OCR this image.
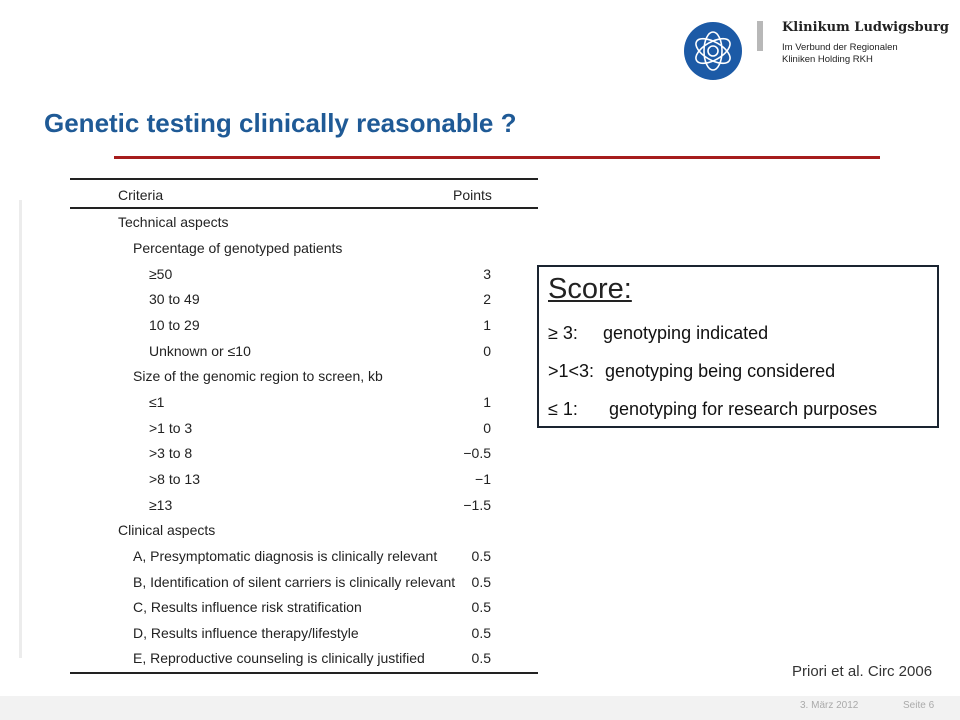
Klinikum Ludwigsburg
Im Verbund der Regionalen
Kliniken Holding RKH
Genetic testing clinically reasonable ?
Criteria	Points
Technical aspects
Percentage of genotyped patients
≥50	3
30 to 49	2
10 to 29	1
Unknown or ≤10	0
Size of the genomic region to screen, kb
≤1	1
>1 to 3	0
>3 to 8	−0.5
>8 to 13	−1
≥13	−1.5
Clinical aspects
A, Presymptomatic diagnosis is clinically relevant 0.5
B, Identification of silent carriers is clinically relevant 0.5
C, Results influence risk stratification	0.5
D, Results influence therapy/lifestyle	0.5
E, Reproductive counseling is clinically justified	0.5
Score:
≥ 3: genotyping indicated
>1<3: genotyping being considered
≤ 1: genotyping for research purposes
Priori et al. Circ 2006
3. März 2012	Seite 6
